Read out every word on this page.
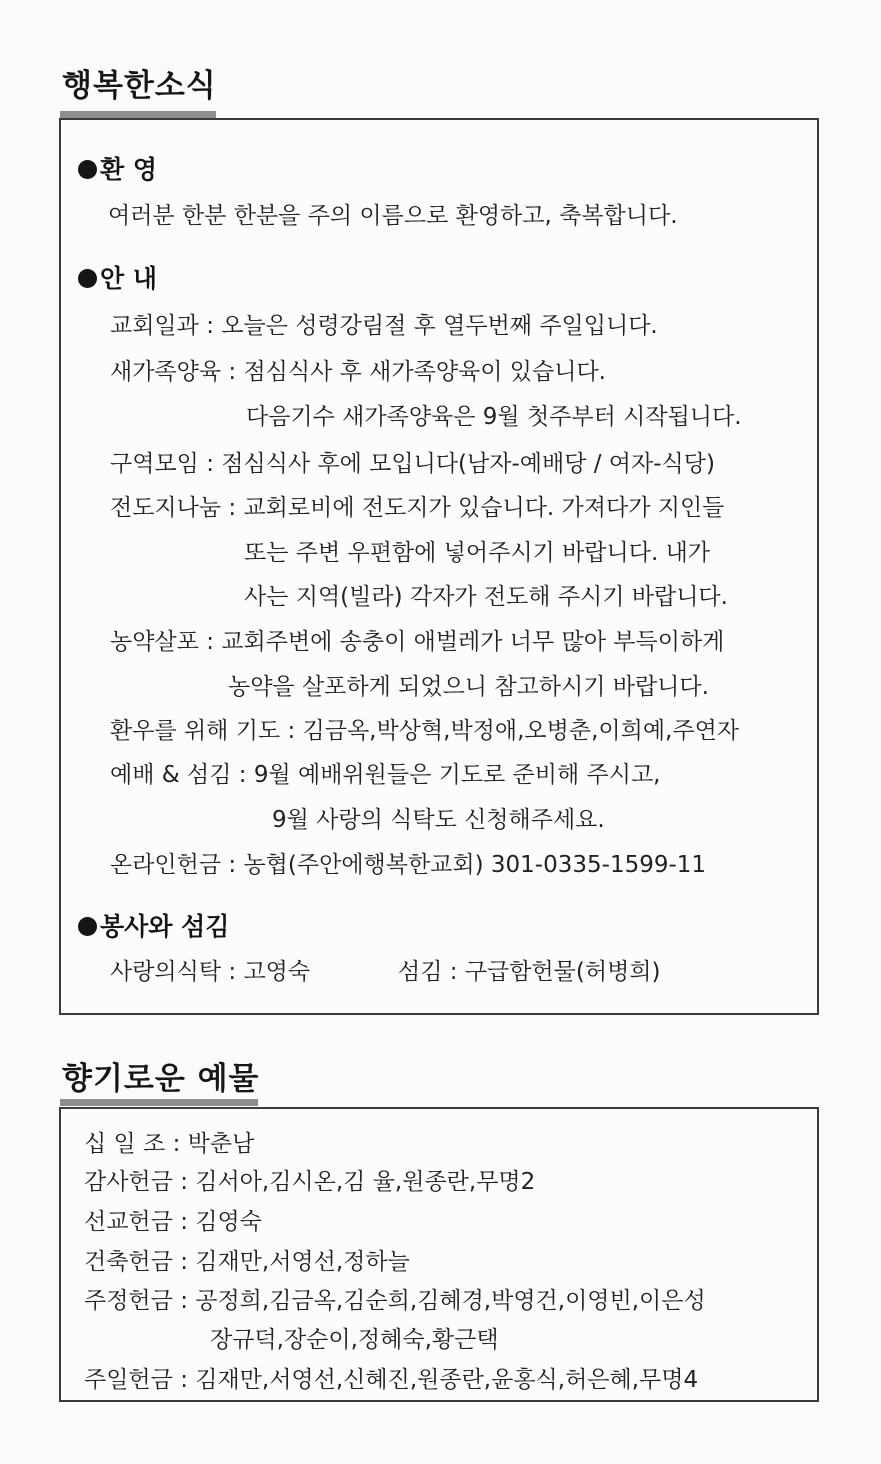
행복한소식
환 영
여러분 한분 한분을 주의 이름으로 환영하고, 축복합니다.
안 내
교회일과 : 오늘은 성령강림절 후 열두번째 주일입니다.
새가족양육 : 점심식사 후 새가족양육이 있습니다.
다음기수 새가족양육은 9월 첫주부터 시작됩니다.
구역모임 : 점심식사 후에 모입니다(남자-예배당 / 여자-식당)
전도지나눔 : 교회로비에 전도지가 있습니다. 가져다가 지인들
또는 주변 우편함에 넣어주시기 바랍니다. 내가
사는 지역(빌라) 각자가 전도해 주시기 바랍니다.
농약살포 : 교회주변에 송충이 애벌레가 너무 많아 부득이하게
농약을 살포하게 되었으니 참고하시기 바랍니다.
환우를 위해 기도 : 김금옥,박상혁,박정애,오병춘,이희예,주연자
예배 & 섬김 : 9월 예배위원들은 기도로 준비해 주시고,
9월 사랑의 식탁도 신청해주세요.
온라인헌금 : 농협(주안에행복한교회) 301-0335-1599-11
봉사와 섬김
사랑의식탁 : 고영숙	섬김 : 구급함헌물(허병희)
향기로운 예물
십 일 조 : 박춘남
감사헌금 : 김서아,김시온,김 율,원종란,무명2
선교헌금 : 김영숙
건축헌금 : 김재만,서영선,정하늘
주정헌금 : 공정희,김금옥,김순희,김혜경,박영건,이영빈,이은성
장규덕,장순이,정혜숙,황근택
주일헌금 : 김재만,서영선,신혜진,원종란,윤홍식,허은혜,무명4
